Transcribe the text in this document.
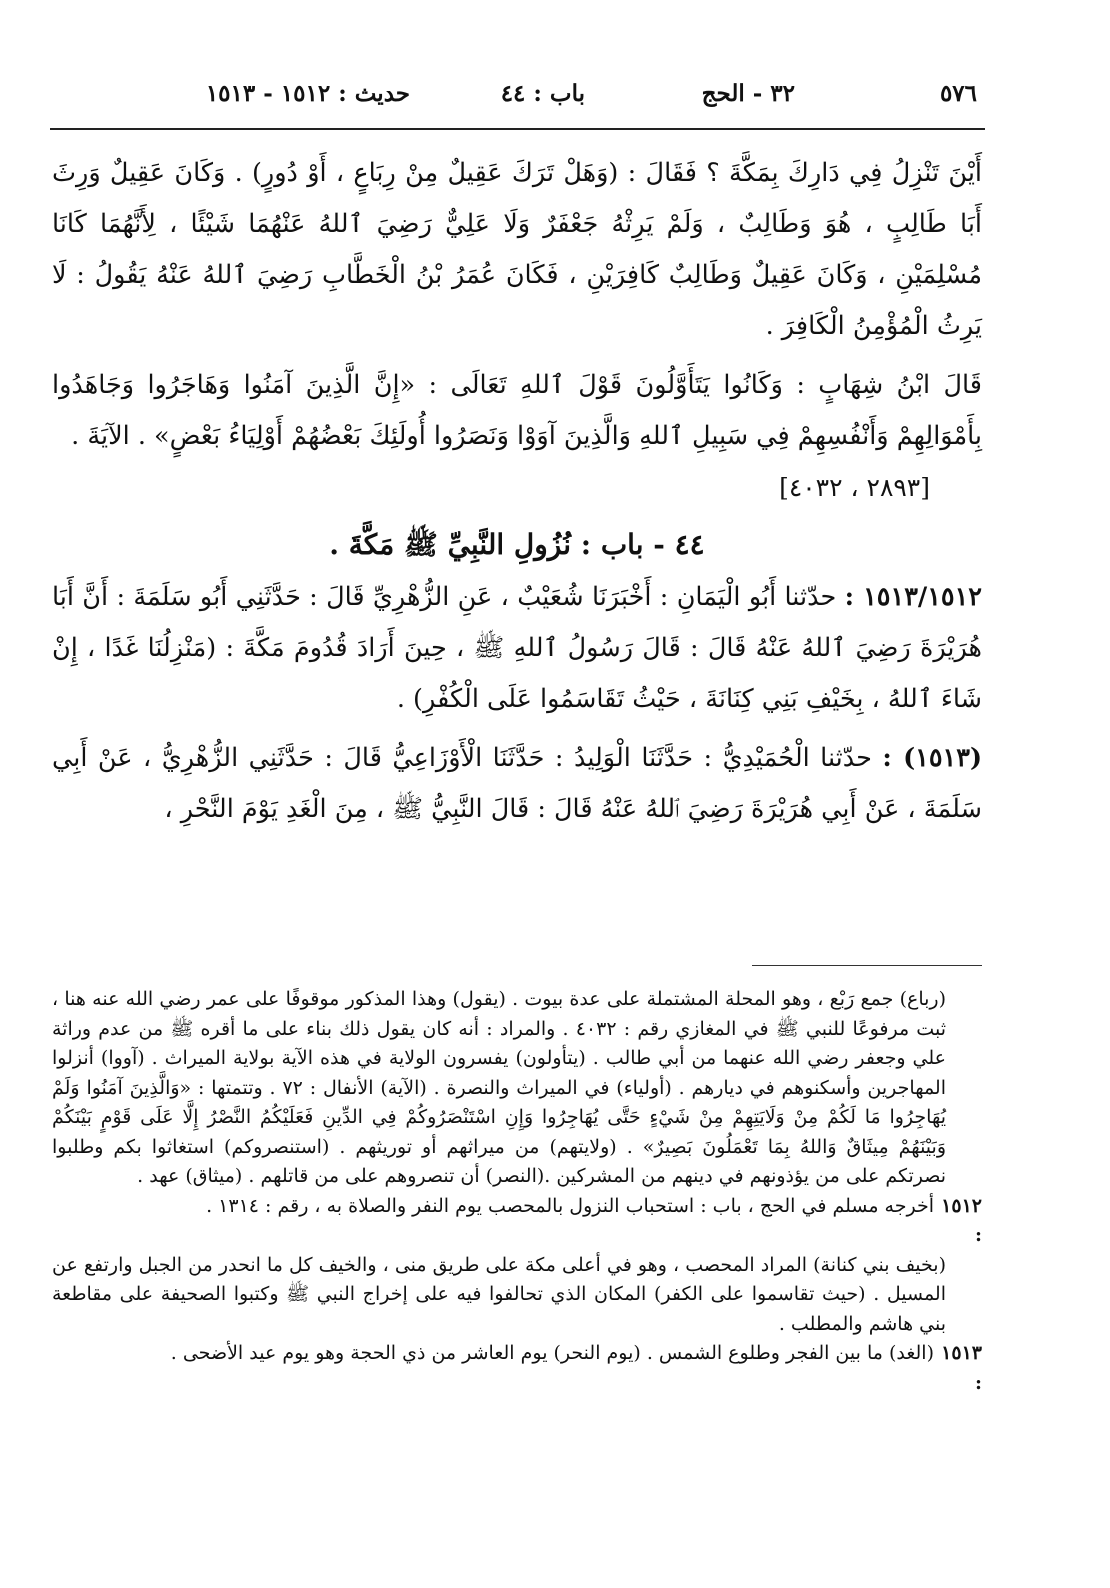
٥٧٦
٣٢ - الحج
باب : ٤٤
حديث : ١٥١٢ - ١٥١٣

أَيْنَ تَنْزِلُ فِي دَارِكَ بِمَكَّةَ ؟ فَقَالَ : (وَهَلْ تَرَكَ عَقِيلٌ مِنْ رِبَاعٍ ، أَوْ دُورٍ) . وَكَانَ عَقِيلٌ وَرِثَ أَبَا طَالِبٍ ، هُوَ وَطَالِبٌ ، وَلَمْ يَرِثْهُ جَعْفَرٌ وَلَا عَلِيٌّ رَضِيَ ٱللهُ عَنْهُمَا شَيْئًا ، لِأَنَّهُمَا كَانَا مُسْلِمَيْنِ ، وَكَانَ عَقِيلٌ وَطَالِبٌ كَافِرَيْنِ ، فَكَانَ عُمَرُ بْنُ الْخَطَّابِ رَضِيَ ٱللهُ عَنْهُ يَقُولُ : لَا يَرِثُ الْمُؤْمِنُ الْكَافِرَ .

قَالَ ابْنُ شِهَابٍ : وَكَانُوا يَتَأَوَّلُونَ قَوْلَ ٱللهِ تَعَالَى : «إِنَّ الَّذِينَ آمَنُوا وَهَاجَرُوا وَجَاهَدُوا بِأَمْوَالِهِمْ وَأَنْفُسِهِمْ فِي سَبِيلِ ٱللهِ وَالَّذِينَ آوَوْا وَنَصَرُوا أُولَئِكَ بَعْضُهُمْ أَوْلِيَاءُ بَعْضٍ» . الآيَةَ .

[٢٨٩٣ ، ٤٠٣٢]

٤٤ - باب : نُزُولِ النَّبِيِّ ﷺ مَكَّةَ .

١٥١٣/١٥١٢ : حدّثنا أَبُو الْيَمَانِ : أَخْبَرَنَا شُعَيْبٌ ، عَنِ الزُّهْرِيِّ قَالَ : حَدَّثَنِي أَبُو سَلَمَةَ : أَنَّ أَبَا هُرَيْرَةَ رَضِيَ ٱللهُ عَنْهُ قَالَ : قَالَ رَسُولُ ٱللهِ ﷺ ، حِينَ أَرَادَ قُدُومَ مَكَّةَ : (مَنْزِلُنَا غَدًا ، إِنْ شَاءَ ٱللهُ ، بِخَيْفِ بَنِي كِنَانَةَ ، حَيْثُ تَقَاسَمُوا عَلَى الْكُفْرِ) .

(١٥١٣) : حدّثنا الْحُمَيْدِيُّ : حَدَّثَنَا الْوَلِيدُ : حَدَّثَنَا الْأَوْزَاعِيُّ قَالَ : حَدَّثَنِي الزُّهْرِيُّ ، عَنْ أَبِي سَلَمَةَ ، عَنْ أَبِي هُرَيْرَةَ رَضِيَ ٱللهُ عَنْهُ قَالَ : قَالَ النَّبِيُّ ﷺ ، مِنَ الْغَدِ يَوْمَ النَّحْرِ ،

(رباع) جمع رَبْع ، وهو المحلة المشتملة على عدة بيوت . (يقول) وهذا المذكور موقوفًا على عمر رضي الله عنه هنا ، ثبت مرفوعًا للنبي ﷺ في المغازي رقم : ٤٠٣٢ . والمراد : أنه كان يقول ذلك بناء على ما أقره ﷺ من عدم وراثة علي وجعفر رضي الله عنهما من أبي طالب . (يتأولون) يفسرون الولاية في هذه الآية بولاية الميراث . (آووا) أنزلوا المهاجرين وأسكنوهم في ديارهم . (أولياء) في الميراث والنصرة . (الآية) الأنفال : ٧٢ . وتتمتها : «وَالَّذِينَ آمَنُوا وَلَمْ يُهَاجِرُوا مَا لَكُمْ مِنْ وَلَايَتِهِمْ مِنْ شَيْءٍ حَتَّى يُهَاجِرُوا وَإِنِ اسْتَنْصَرُوكُمْ فِي الدِّينِ فَعَلَيْكُمُ النَّصْرُ إِلَّا عَلَى قَوْمٍ بَيْنَكُمْ وَبَيْنَهُمْ مِيثَاقٌ وَاللهُ بِمَا تَعْمَلُونَ بَصِيرٌ» . (ولايتهم) من ميراثهم أو توريثهم . (استنصروكم) استغاثوا بكم وطلبوا نصرتكم على من يؤذونهم في دينهم من المشركين .(النصر) أن تنصروهم على من قاتلهم . (ميثاق) عهد .

١٥١٢ :
أخرجه مسلم في الحج ، باب : استحباب النزول بالمحصب يوم النفر والصلاة به ، رقم : ١٣١٤ .

(بخيف بني كنانة) المراد المحصب ، وهو في أعلى مكة على طريق منى ، والخيف كل ما انحدر من الجبل وارتفع عن المسيل . (حيث تقاسموا على الكفر) المكان الذي تحالفوا فيه على إخراج النبي ﷺ وكتبوا الصحيفة على مقاطعة بني هاشم والمطلب .

١٥١٣ :
(الغد) ما بين الفجر وطلوع الشمس . (يوم النحر) يوم العاشر من ذي الحجة وهو يوم عيد الأضحى .
